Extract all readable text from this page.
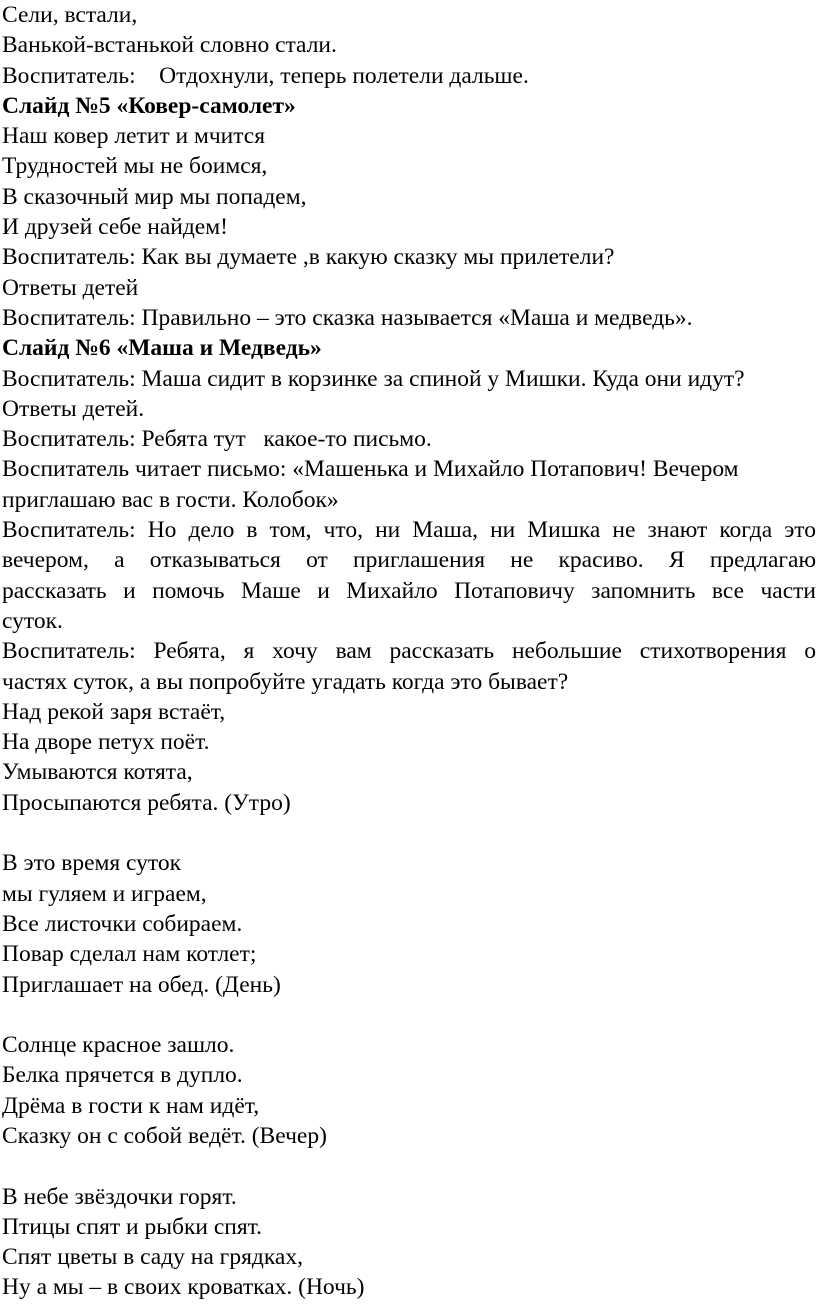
Сели, встали,
Ванькой-встанькой словно стали.
Воспитатель:    Отдохнули, теперь полетели дальше.
Слайд №5 «Ковер-самолет»
Наш ковер летит и мчится
Трудностей мы не боимся,
В сказочный мир мы попадем,
И друзей себе найдем!
Воспитатель: Как вы думаете ,в какую сказку мы прилетели?
Ответы детей
Воспитатель: Правильно – это сказка называется «Маша и медведь».
Слайд №6 «Маша и Медведь»
Воспитатель: Маша сидит в корзинке за спиной у Мишки. Куда они идут?
Ответы детей.
Воспитатель: Ребята тут   какое-то письмо.
Воспитатель читает письмо: «Машенька и Михайло Потапович! Вечером
приглашаю вас в гости. Колобок»
Воспитатель: Но дело в том, что, ни Маша, ни Мишка не знают когда это
вечером, а отказываться от приглашения не красиво. Я предлагаю
рассказать и помочь Маше и Михайло Потаповичу запомнить все части
суток.
Воспитатель: Ребята, я хочу вам рассказать небольшие стихотворения о
частях суток, а вы попробуйте угадать когда это бывает?
Над рекой заря встаёт,
На дворе петух поёт.
Умываются котята,
Просыпаются ребята. (Утро)
В это время суток
мы гуляем и играем,
Все листочки собираем.
Повар сделал нам котлет;
Приглашает на обед. (День)
Солнце красное зашло.
Белка прячется в дупло.
Дрёма в гости к нам идёт,
Сказку он с собой ведёт. (Вечер)
В небе звёздочки горят.
Птицы спят и рыбки спят.
Спят цветы в саду на грядках,
Ну а мы – в своих кроватках. (Ночь)
